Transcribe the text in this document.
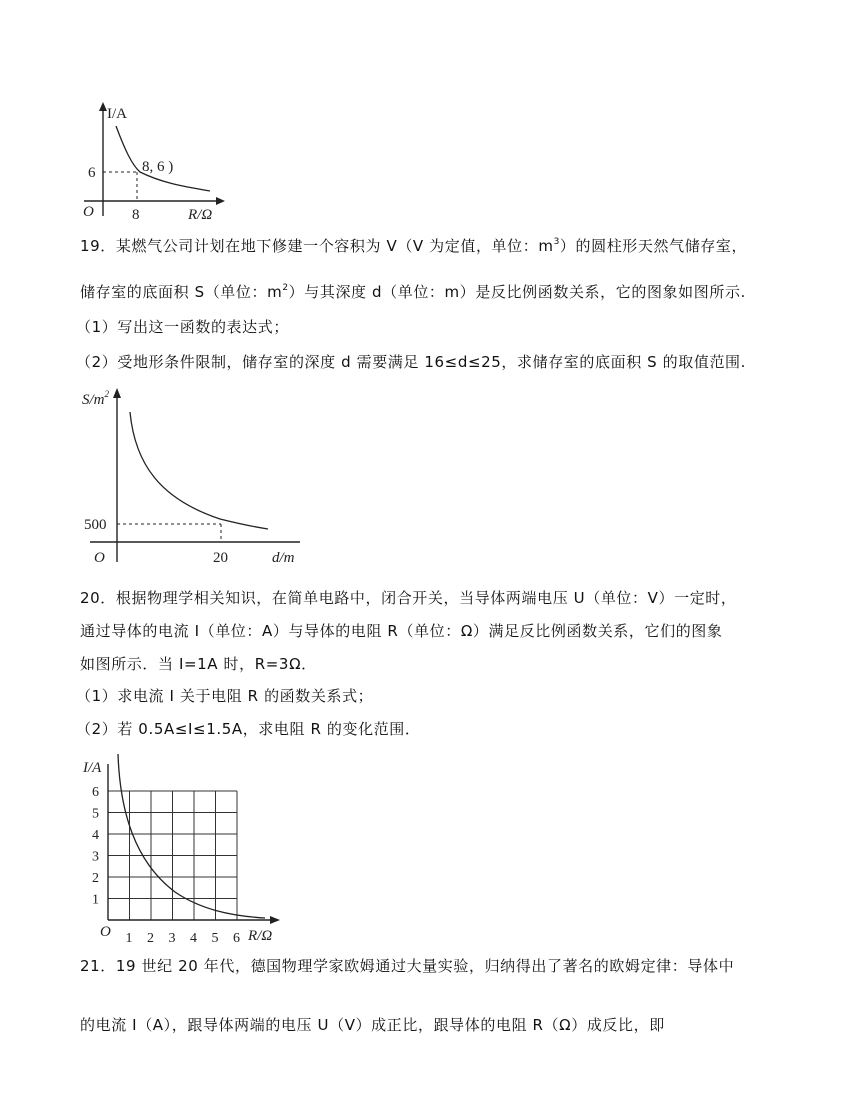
I/A
R/Ω
O	8
6	8, 6 )
19．某燃气公司计划在地下修建一个容积为 V（V 为定值，单位：$m^3$）的圆柱形天然气储存室，
储存室的底面积 S（单位：$m^2$）与其深度 d（单位：m）是反比例函数关系，它的图象如图所示.
（1）写出这一函数的表达式；
（2）受地形条件限制，储存室的深度 d 需要满足 16≤d≤25，求储存室的底面积 S 的取值范围.
$S/m^2$
d/m
O	20
500
20．根据物理学相关知识，在简单电路中，闭合开关，当导体两端电压 U（单位：V）一定时，
通过导体的电流 I（单位：A）与导体的电阻 R（单位：Ω）满足反比例函数关系，它们的图象
如图所示．当 I=1A 时，R=3Ω．
（1）求电流 I 关于电阻 R 的函数关系式；
（2）若 0.5A≤I≤1.5A，求电阻 R 的变化范围．
I/A
R/Ω
O
6
5
4
3
2
1
1 2 3 4 5 6
21．19 世纪 20 年代，德国物理学家欧姆通过大量实验，归纳得出了著名的欧姆定律：导体中
的电流 I（A），跟导体两端的电压 U（V）成正比，跟导体的电阻 R（Ω）成反比，即
